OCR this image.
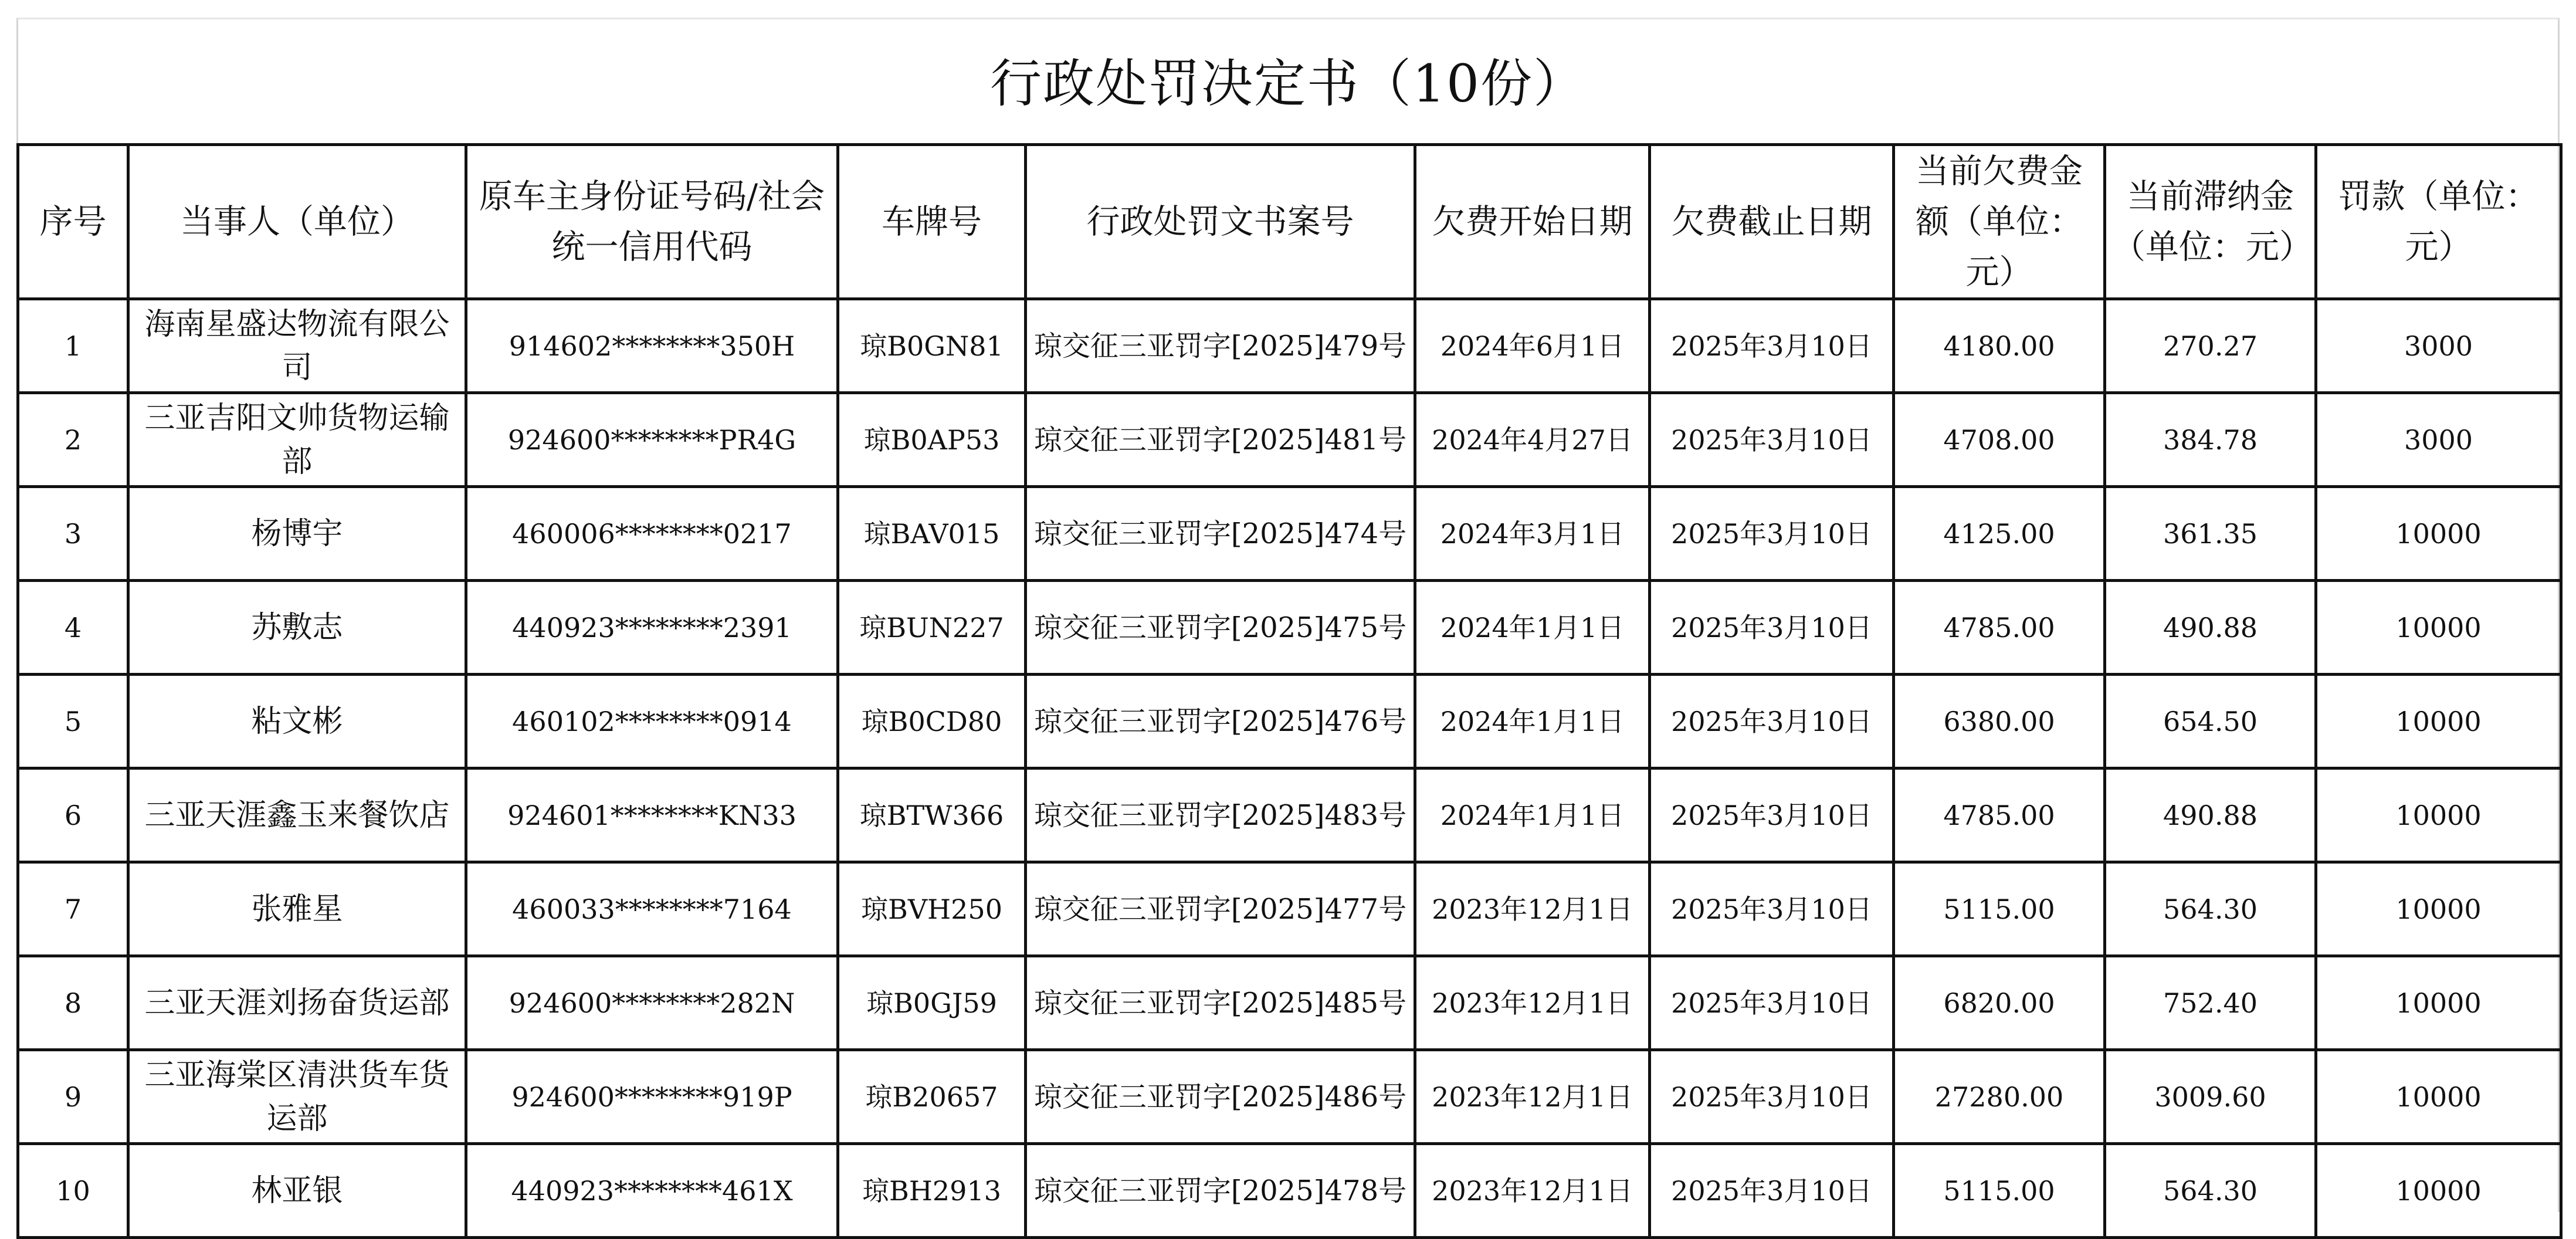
行政处罚决定书（10份）
序号	当事人（单位）	原车主身份证号码/社会统一信用代码	车牌号	行政处罚文书案号	欠费开始日期	欠费截止日期	当前欠费金额（单位：元）	当前滞纳金（单位：元）	罚款（单位：元）
1	海南星盛达物流有限公司	914602********350H	琼B0GN81	琼交征三亚罚字[2025]479号	2024年6月1日	2025年3月10日	4180.00	270.27	3000
2	三亚吉阳文帅货物运输部	924600********PR4G	琼B0AP53	琼交征三亚罚字[2025]481号	2024年4月27日	2025年3月10日	4708.00	384.78	3000
3	杨博宇	460006********0217	琼BAV015	琼交征三亚罚字[2025]474号	2024年3月1日	2025年3月10日	4125.00	361.35	10000
4	苏敷志	440923********2391	琼BUN227	琼交征三亚罚字[2025]475号	2024年1月1日	2025年3月10日	4785.00	490.88	10000
5	粘文彬	460102********0914	琼B0CD80	琼交征三亚罚字[2025]476号	2024年1月1日	2025年3月10日	6380.00	654.50	10000
6	三亚天涯鑫玉来餐饮店	924601********KN33	琼BTW366	琼交征三亚罚字[2025]483号	2024年1月1日	2025年3月10日	4785.00	490.88	10000
7	张雅星	460033********7164	琼BVH250	琼交征三亚罚字[2025]477号	2023年12月1日	2025年3月10日	5115.00	564.30	10000
8	三亚天涯刘扬奋货运部	924600********282N	琼B0GJ59	琼交征三亚罚字[2025]485号	2023年12月1日	2025年3月10日	6820.00	752.40	10000
9	三亚海棠区清洪货车货运部	924600********919P	琼B20657	琼交征三亚罚字[2025]486号	2023年12月1日	2025年3月10日	27280.00	3009.60	10000
10	林亚银	440923********461X	琼BH2913	琼交征三亚罚字[2025]478号	2023年12月1日	2025年3月10日	5115.00	564.30	10000
